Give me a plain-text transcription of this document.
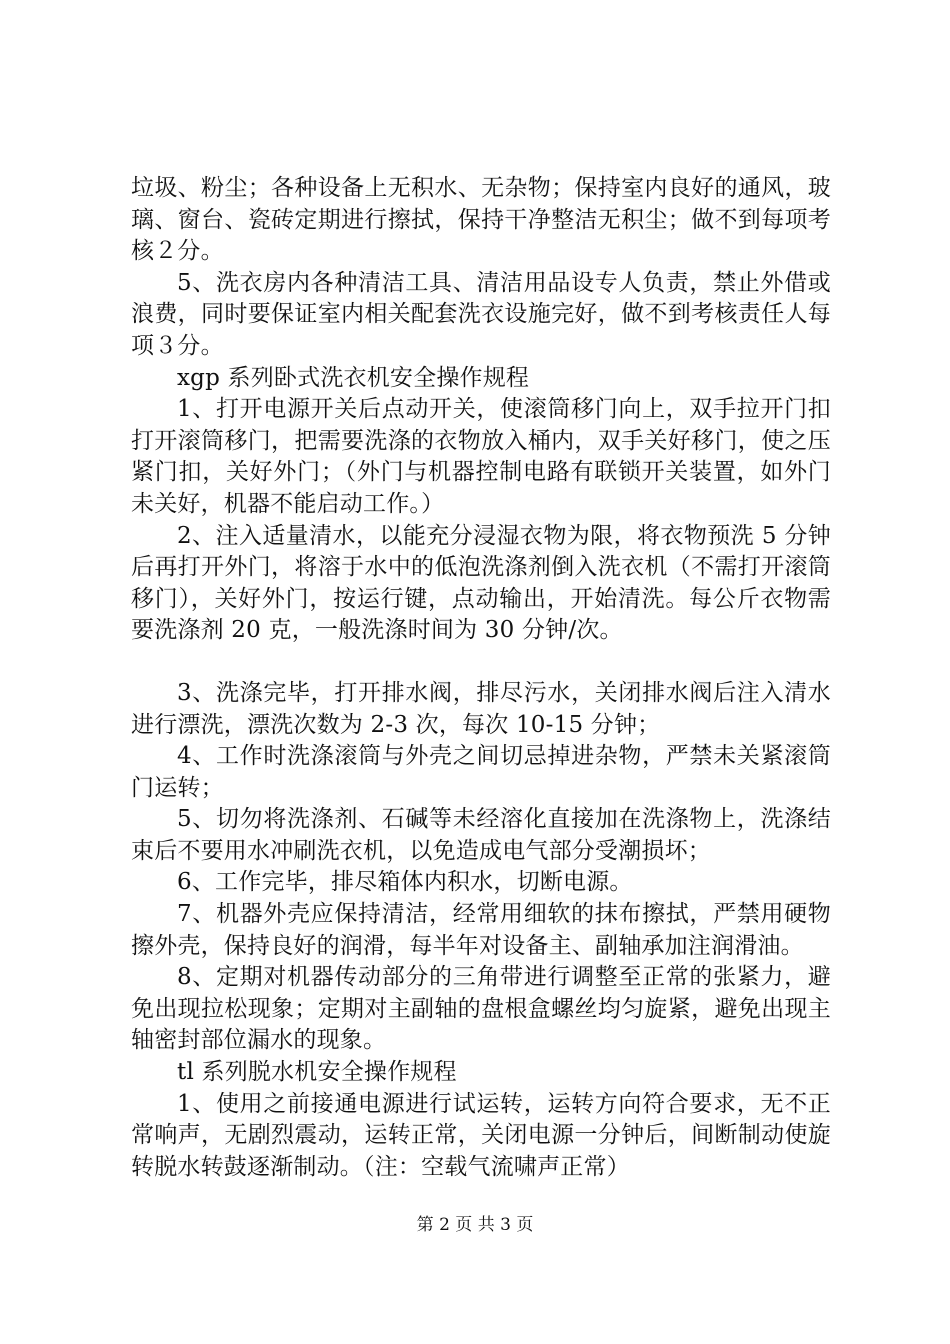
垃圾、粉尘；各种设备上无积水、无杂物；保持室内良好的通风，玻璃、窗台、瓷砖定期进行擦拭，保持干净整洁无积尘；做不到每项考核２分。

5、洗衣房内各种清洁工具、清洁用品设专人负责，禁止外借或浪费，同时要保证室内相关配套洗衣设施完好，做不到考核责任人每项３分。

xgp 系列卧式洗衣机安全操作规程

1、打开电源开关后点动开关，使滚筒移门向上，双手拉开门扣打开滚筒移门，把需要洗涤的衣物放入桶内，双手关好移门，使之压紧门扣，关好外门；（外门与机器控制电路有联锁开关装置，如外门未关好，机器不能启动工作。）

2、注入适量清水，以能充分浸湿衣物为限，将衣物预洗 5 分钟后再打开外门，将溶于水中的低泡洗涤剂倒入洗衣机（不需打开滚筒移门），关好外门，按运行键，点动输出，开始清洗。每公斤衣物需要洗涤剂 20 克，一般洗涤时间为 30 分钟/次。

3、洗涤完毕，打开排水阀，排尽污水，关闭排水阀后注入清水进行漂洗，漂洗次数为 2-3 次，每次 10-15 分钟；

4、工作时洗涤滚筒与外壳之间切忌掉进杂物，严禁未关紧滚筒门运转；

5、切勿将洗涤剂、石碱等未经溶化直接加在洗涤物上，洗涤结束后不要用水冲刷洗衣机，以免造成电气部分受潮损坏；

6、工作完毕，排尽箱体内积水，切断电源。

7、机器外壳应保持清洁，经常用细软的抹布擦拭，严禁用硬物擦外壳，保持良好的润滑，每半年对设备主、副轴承加注润滑油。

8、定期对机器传动部分的三角带进行调整至正常的张紧力，避免出现拉松现象；定期对主副轴的盘根盒螺丝均匀旋紧，避免出现主轴密封部位漏水的现象。

tl 系列脱水机安全操作规程

1、使用之前接通电源进行试运转，运转方向符合要求，无不正常响声，无剧烈震动，运转正常，关闭电源一分钟后，间断制动使旋转脱水转鼓逐渐制动。（注：空载气流啸声正常）

第 2 页 共 3 页
